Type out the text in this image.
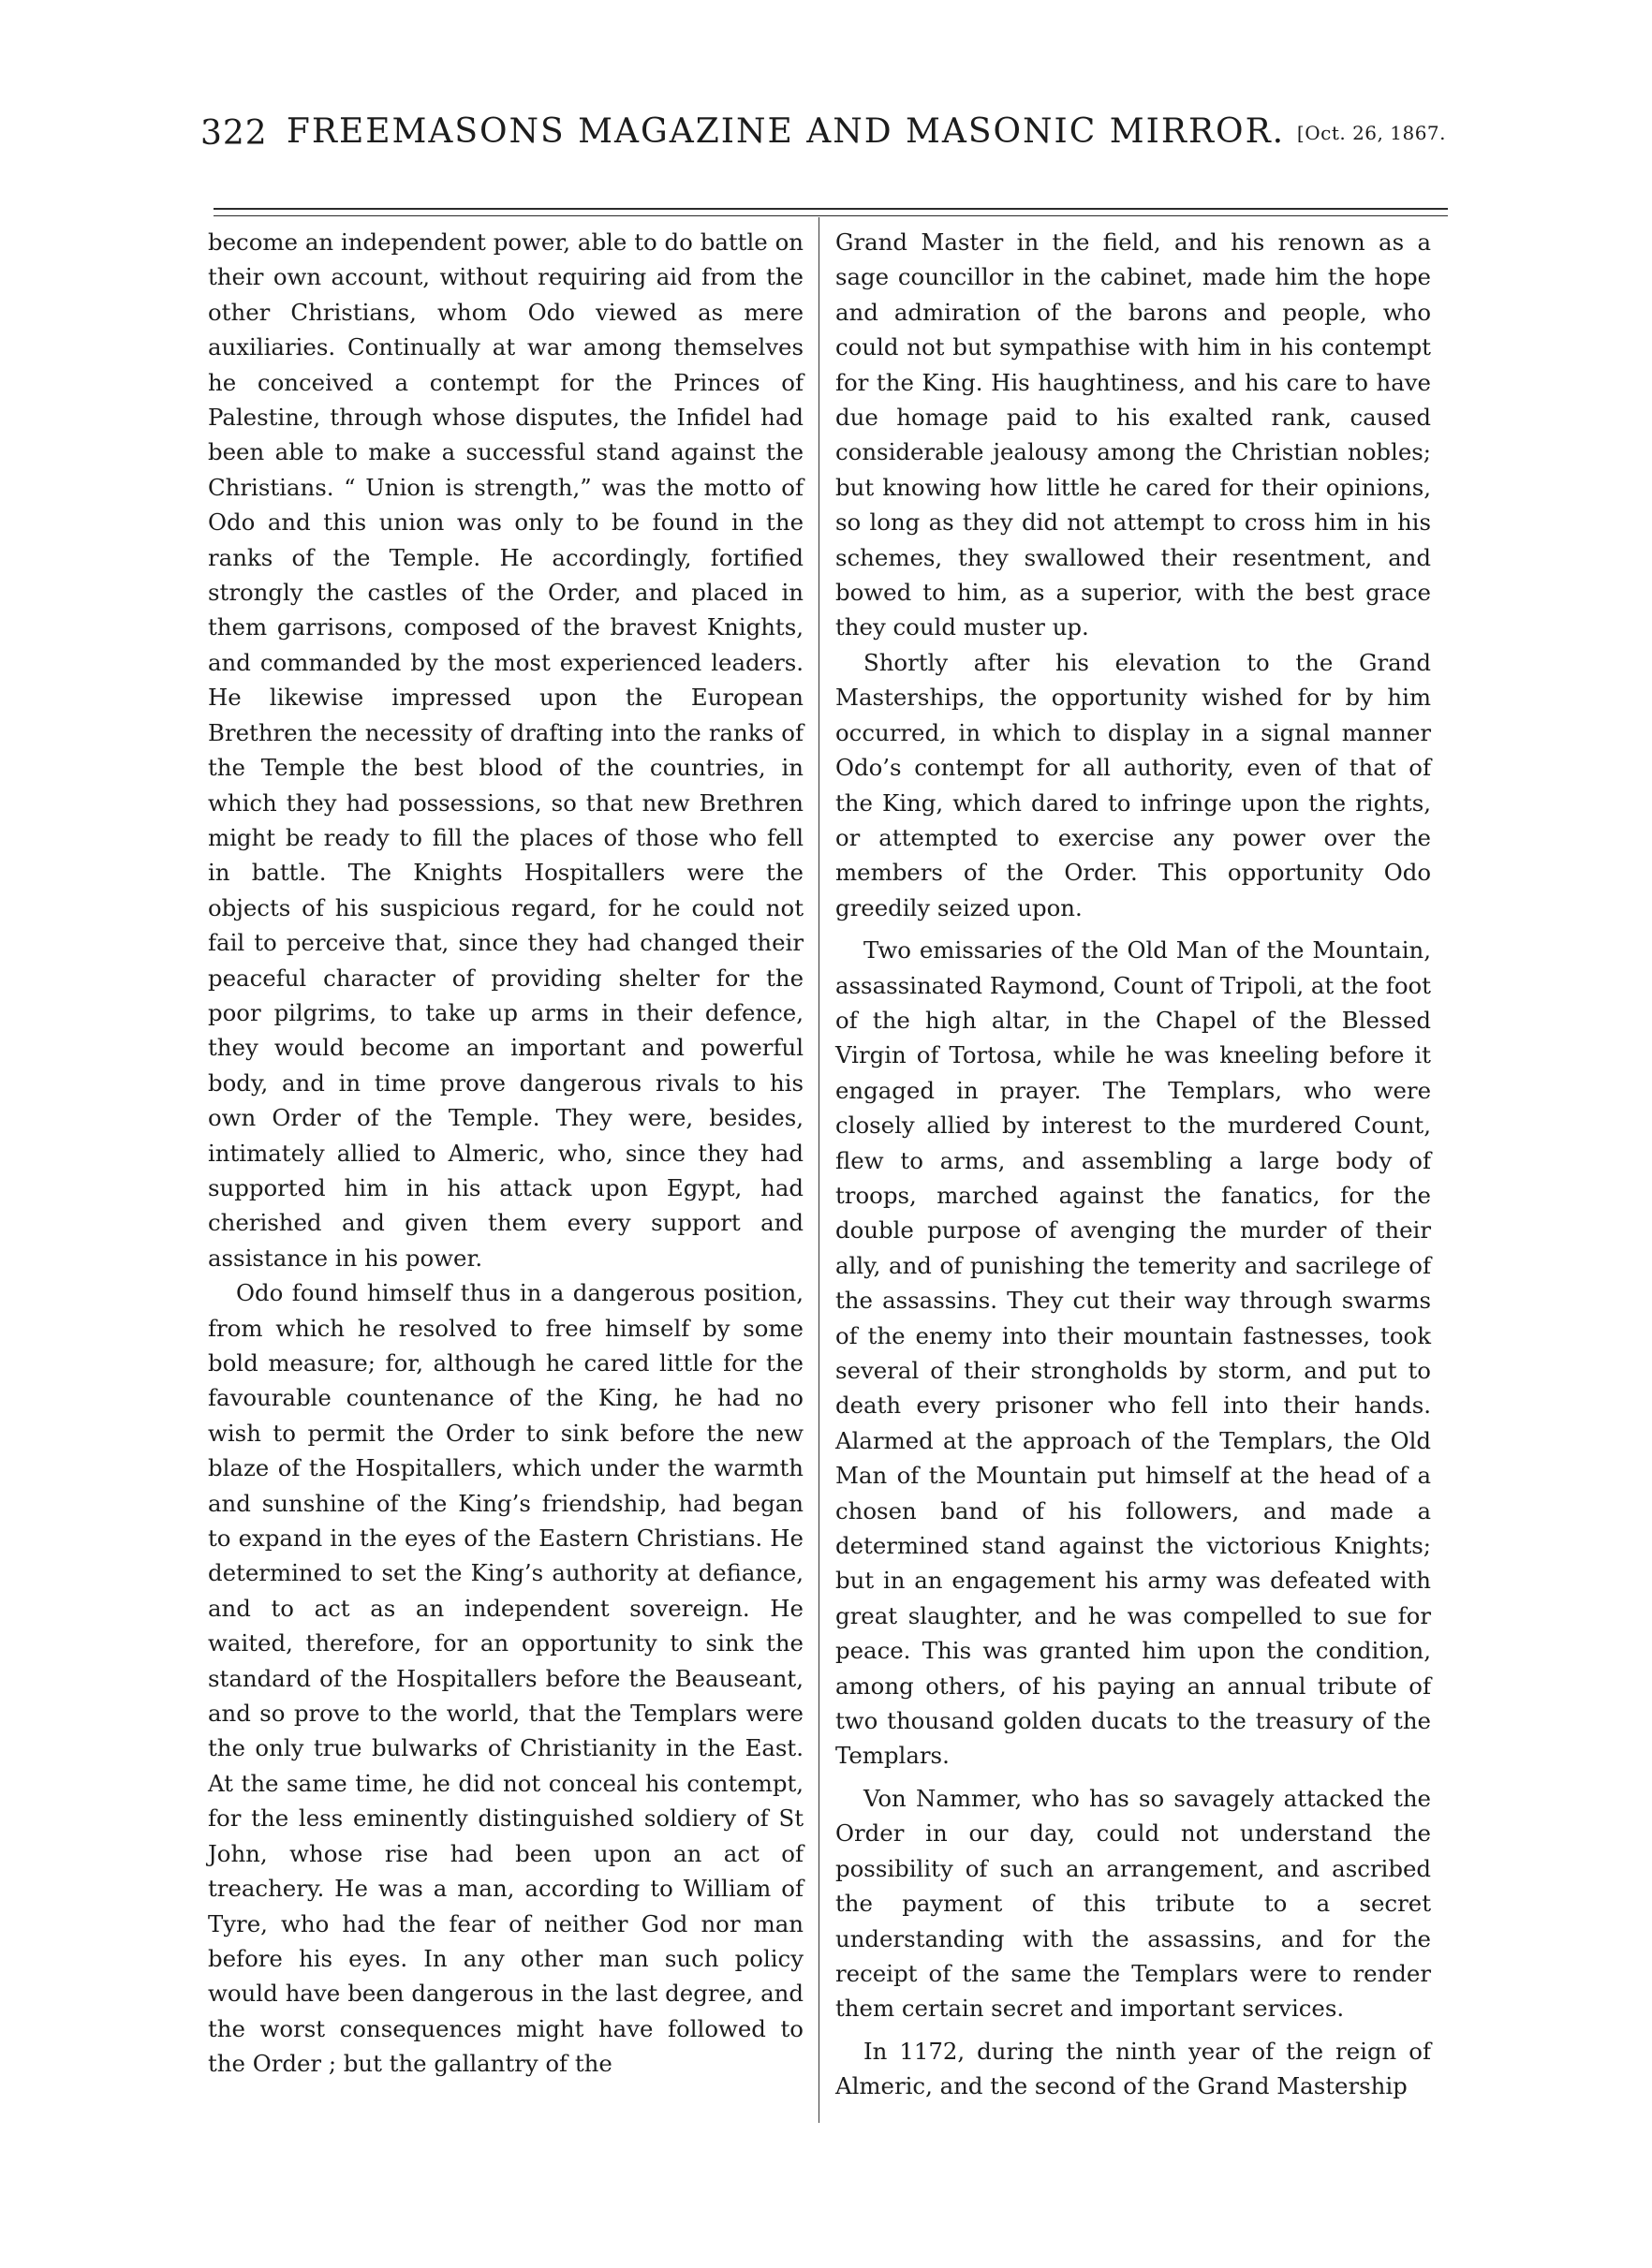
322 FREEMASONS MAGAZINE AND MASONIC MIRROR. [Oct. 26, 1867.

become an independent power, able to do battle on their own account, without requiring aid from the other Christians, whom Odo viewed as mere auxiliaries. Continually at war among themselves he conceived a contempt for the Princes of Palestine, through whose disputes, the Infidel had been able to make a successful stand against the Christians. “ Union is strength,” was the motto of Odo and this union was only to be found in the ranks of the Temple. He accordingly, fortified strongly the castles of the Order, and placed in them garrisons, composed of the bravest Knights, and commanded by the most experienced leaders. He likewise impressed upon the European Brethren the necessity of drafting into the ranks of the Temple the best blood of the countries, in which they had possessions, so that new Brethren might be ready to fill the places of those who fell in battle. The Knights Hospitallers were the objects of his suspicious regard, for he could not fail to perceive that, since they had changed their peaceful character of providing shelter for the poor pilgrims, to take up arms in their defence, they would become an important and powerful body, and in time prove dangerous rivals to his own Order of the Temple. They were, besides, intimately allied to Almeric, who, since they had supported him in his attack upon Egypt, had cherished and given them every support and assistance in his power.

Odo found himself thus in a dangerous position, from which he resolved to free himself by some bold measure; for, although he cared little for the favourable countenance of the King, he had no wish to permit the Order to sink before the new blaze of the Hospitallers, which under the warmth and sunshine of the King’s friendship, had began to expand in the eyes of the Eastern Christians. He determined to set the King’s authority at defiance, and to act as an independent sovereign. He waited, therefore, for an opportunity to sink the standard of the Hospitallers before the Beauseant, and so prove to the world, that the Templars were the only true bulwarks of Christianity in the East. At the same time, he did not conceal his contempt, for the less eminently distinguished soldiery of St John, whose rise had been upon an act of treachery. He was a man, according to William of Tyre, who had the fear of neither God nor man before his eyes. In any other man such policy would have been dangerous in the last degree, and the worst consequences might have followed to the Order ; but the gallantry of the

Grand Master in the field, and his renown as a sage councillor in the cabinet, made him the hope and admiration of the barons and people, who could not but sympathise with him in his contempt for the King. His haughtiness, and his care to have due homage paid to his exalted rank, caused considerable jealousy among the Christian nobles; but knowing how little he cared for their opinions, so long as they did not attempt to cross him in his schemes, they swallowed their resentment, and bowed to him, as a superior, with the best grace they could muster up.

Shortly after his elevation to the Grand Masterships, the opportunity wished for by him occurred, in which to display in a signal manner Odo’s contempt for all authority, even of that of the King, which dared to infringe upon the rights, or attempted to exercise any power over the members of the Order. This opportunity Odo greedily seized upon.

Two emissaries of the Old Man of the Mountain, assassinated Raymond, Count of Tripoli, at the foot of the high altar, in the Chapel of the Blessed Virgin of Tortosa, while he was kneeling before it engaged in prayer. The Templars, who were closely allied by interest to the murdered Count, flew to arms, and assembling a large body of troops, marched against the fanatics, for the double purpose of avenging the murder of their ally, and of punishing the temerity and sacrilege of the assassins. They cut their way through swarms of the enemy into their mountain fastnesses, took several of their strongholds by storm, and put to death every prisoner who fell into their hands. Alarmed at the approach of the Templars, the Old Man of the Mountain put himself at the head of a chosen band of his followers, and made a determined stand against the victorious Knights; but in an engagement his army was defeated with great slaughter, and he was compelled to sue for peace. This was granted him upon the condition, among others, of his paying an annual tribute of two thousand golden ducats to the treasury of the Templars.

Von Nammer, who has so savagely attacked the Order in our day, could not understand the possibility of such an arrangement, and ascribed the payment of this tribute to a secret understanding with the assassins, and for the receipt of the same the Templars were to render them certain secret and important services.

In 1172, during the ninth year of the reign of Almeric, and the second of the Grand Mastership
